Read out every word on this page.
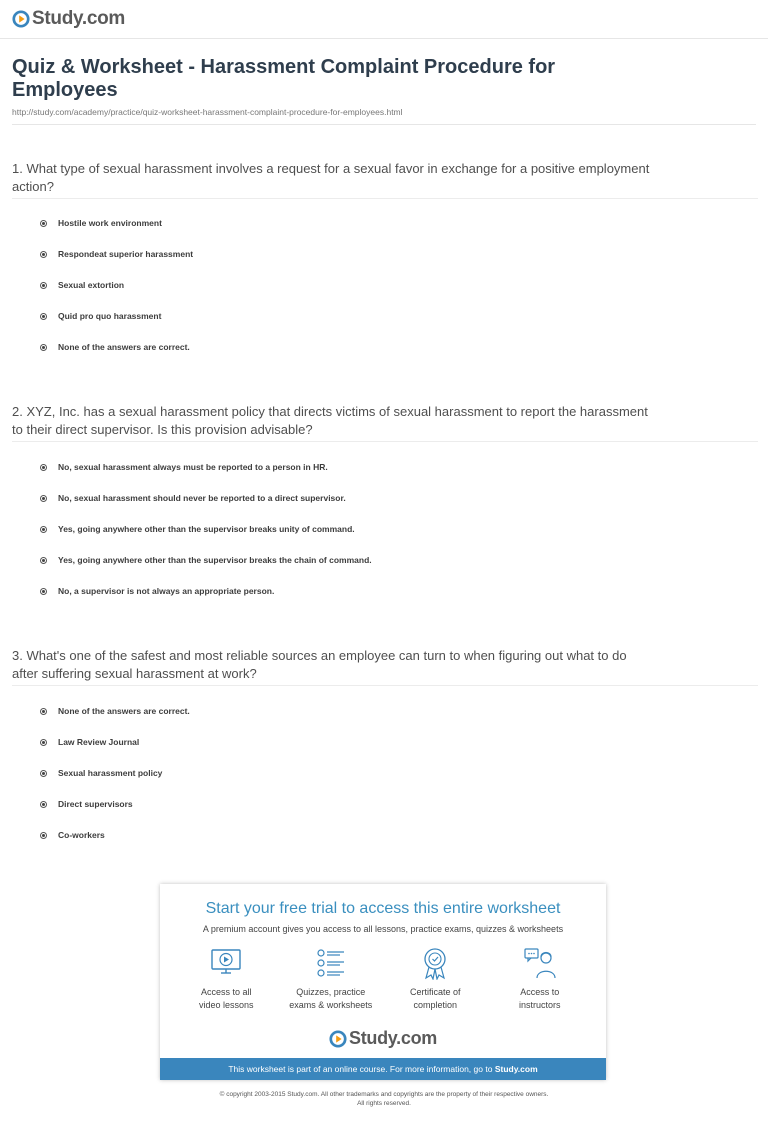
Study.com
Quiz & Worksheet - Harassment Complaint Procedure for Employees
http://study.com/academy/practice/quiz-worksheet-harassment-complaint-procedure-for-employees.html

1. What type of sexual harassment involves a request for a sexual favor in exchange for a positive employment action?

Hostile work environment
Respondeat superior harassment
Sexual extortion
Quid pro quo harassment
None of the answers are correct.

2. XYZ, Inc. has a sexual harassment policy that directs victims of sexual harassment to report the harassment to their direct supervisor. Is this provision advisable?

No, sexual harassment always must be reported to a person in HR.
No, sexual harassment should never be reported to a direct supervisor.
Yes, going anywhere other than the supervisor breaks unity of command.
Yes, going anywhere other than the supervisor breaks the chain of command.
No, a supervisor is not always an appropriate person.

3. What's one of the safest and most reliable sources an employee can turn to when figuring out what to do after suffering sexual harassment at work?

None of the answers are correct.
Law Review Journal
Sexual harassment policy
Direct supervisors
Co-workers
Start your free trial to access this entire worksheet
A premium account gives you access to all lessons, practice exams, quizzes & worksheets
Access to all
video lessons
Quizzes, practice
exams & worksheets
Certificate of
completion
Access to
instructors
Study.com
This worksheet is part of an online course. For more information, go to Study.com
© copyright 2003-2015 Study.com. All other trademarks and copyrights are the property of their respective owners.
All rights reserved.
